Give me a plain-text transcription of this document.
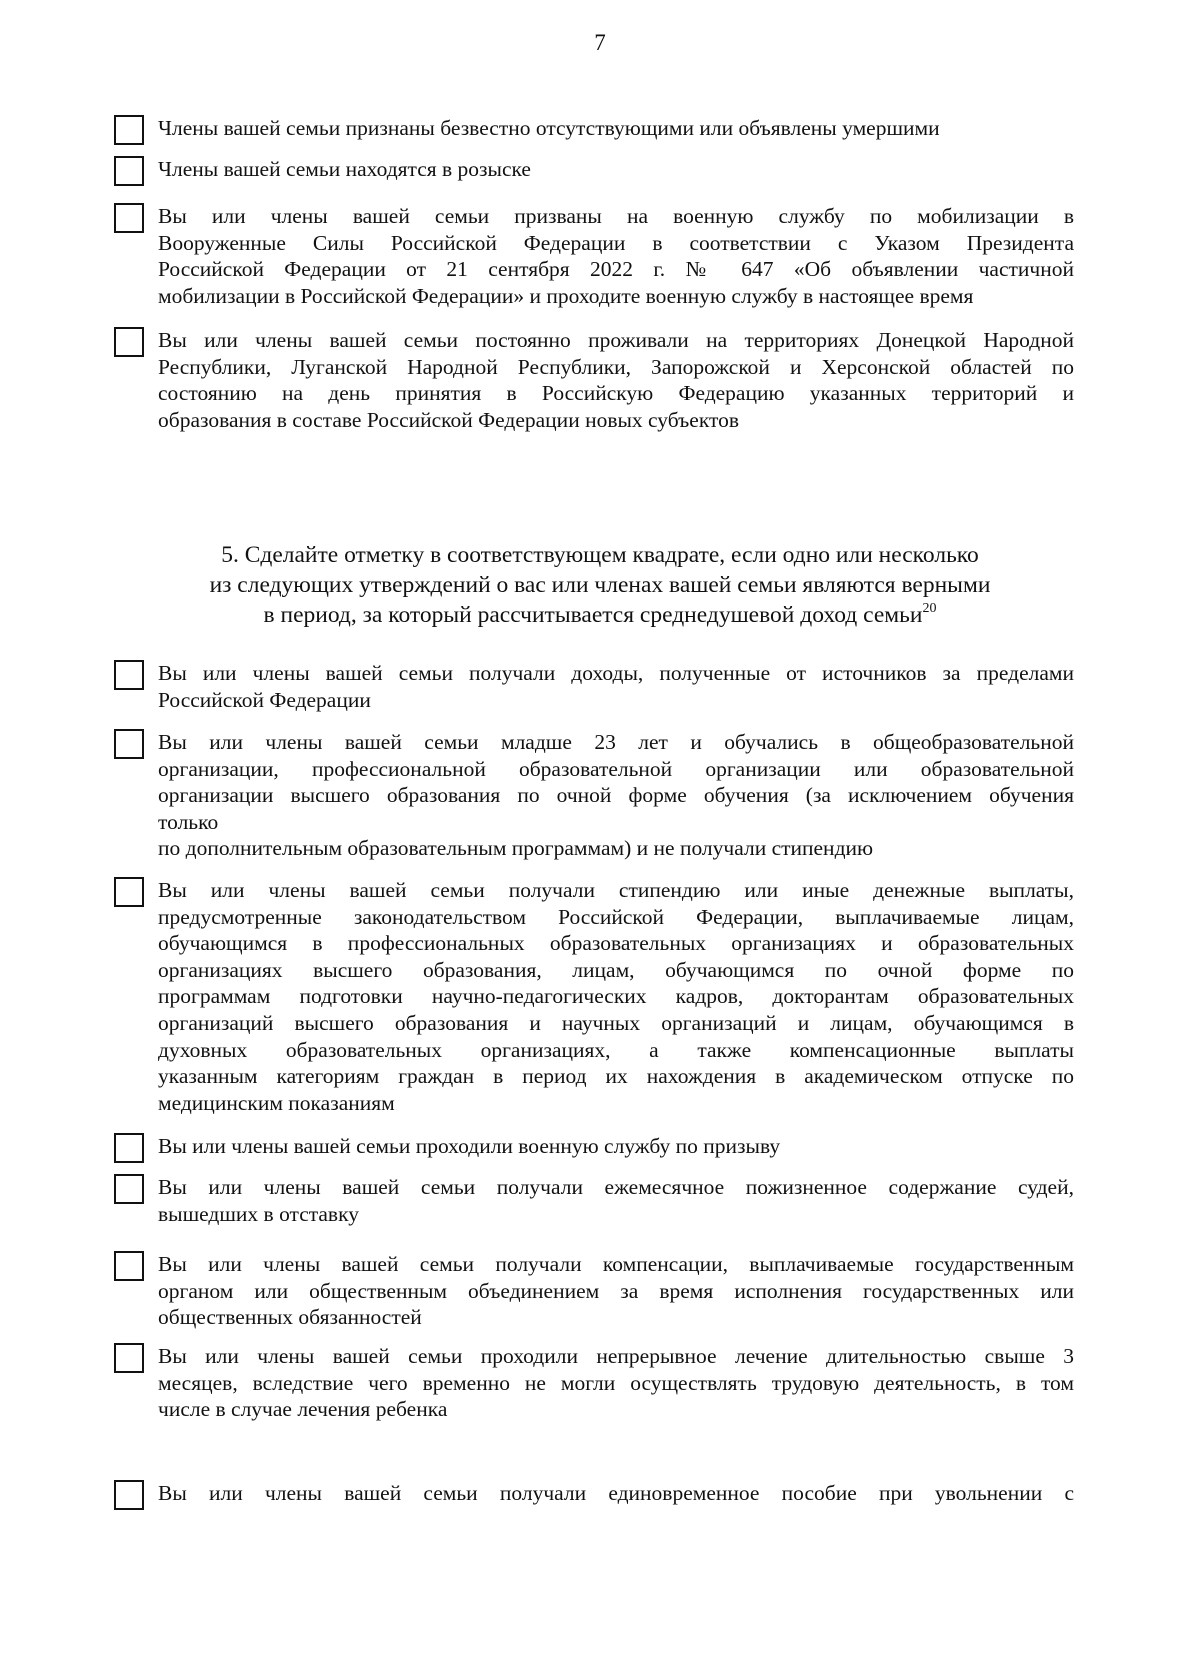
7
Члены вашей семьи признаны безвестно отсутствующими или объявлены умершими
Члены вашей семьи находятся в розыске
Вы или члены вашей семьи призваны на военную службу по мобилизации в
Вооруженные Силы Российской Федерации в соответствии с Указом Президента
Российской Федерации от 21 сентября 2022 г. № 647 «Об объявлении частичной
мобилизации в Российской Федерации» и проходите военную службу в настоящее время
Вы или члены вашей семьи постоянно проживали на территориях Донецкой Народной
Республики, Луганской Народной Республики, Запорожской и Херсонской областей по
состоянию на день принятия в Российскую Федерацию указанных территорий и
образования в составе Российской Федерации новых субъектов
5. Сделайте отметку в соответствующем квадрате, если одно или несколько
из следующих утверждений о вас или членах вашей семьи являются верными
в период, за который рассчитывается среднедушевой доход семьи$^{20}$
Вы или члены вашей семьи получали доходы, полученные от источников за пределами
Российской Федерации
Вы или члены вашей семьи младше 23 лет и обучались в общеобразовательной
организации, профессиональной образовательной организации или образовательной
организации высшего образования по очной форме обучения (за исключением обучения
только
по дополнительным образовательным программам) и не получали стипендию
Вы или члены вашей семьи получали стипендию или иные денежные выплаты,
предусмотренные законодательством Российской Федерации, выплачиваемые лицам,
обучающимся в профессиональных образовательных организациях и образовательных
организациях высшего образования, лицам, обучающимся по очной форме по
программам подготовки научно-педагогических кадров, докторантам образовательных
организаций высшего образования и научных организаций и лицам, обучающимся в
духовных образовательных организациях, а также компенсационные выплаты
указанным категориям граждан в период их нахождения в академическом отпуске по
медицинским показаниям
Вы или члены вашей семьи проходили военную службу по призыву
Вы или члены вашей семьи получали ежемесячное пожизненное содержание судей,
вышедших в отставку
Вы или члены вашей семьи получали компенсации, выплачиваемые государственным
органом или общественным объединением за время исполнения государственных или
общественных обязанностей
Вы или члены вашей семьи проходили непрерывное лечение длительностью свыше 3
месяцев, вследствие чего временно не могли осуществлять трудовую деятельность, в том
числе в случае лечения ребенка
Вы или члены вашей семьи получали единовременное пособие при увольнении с
